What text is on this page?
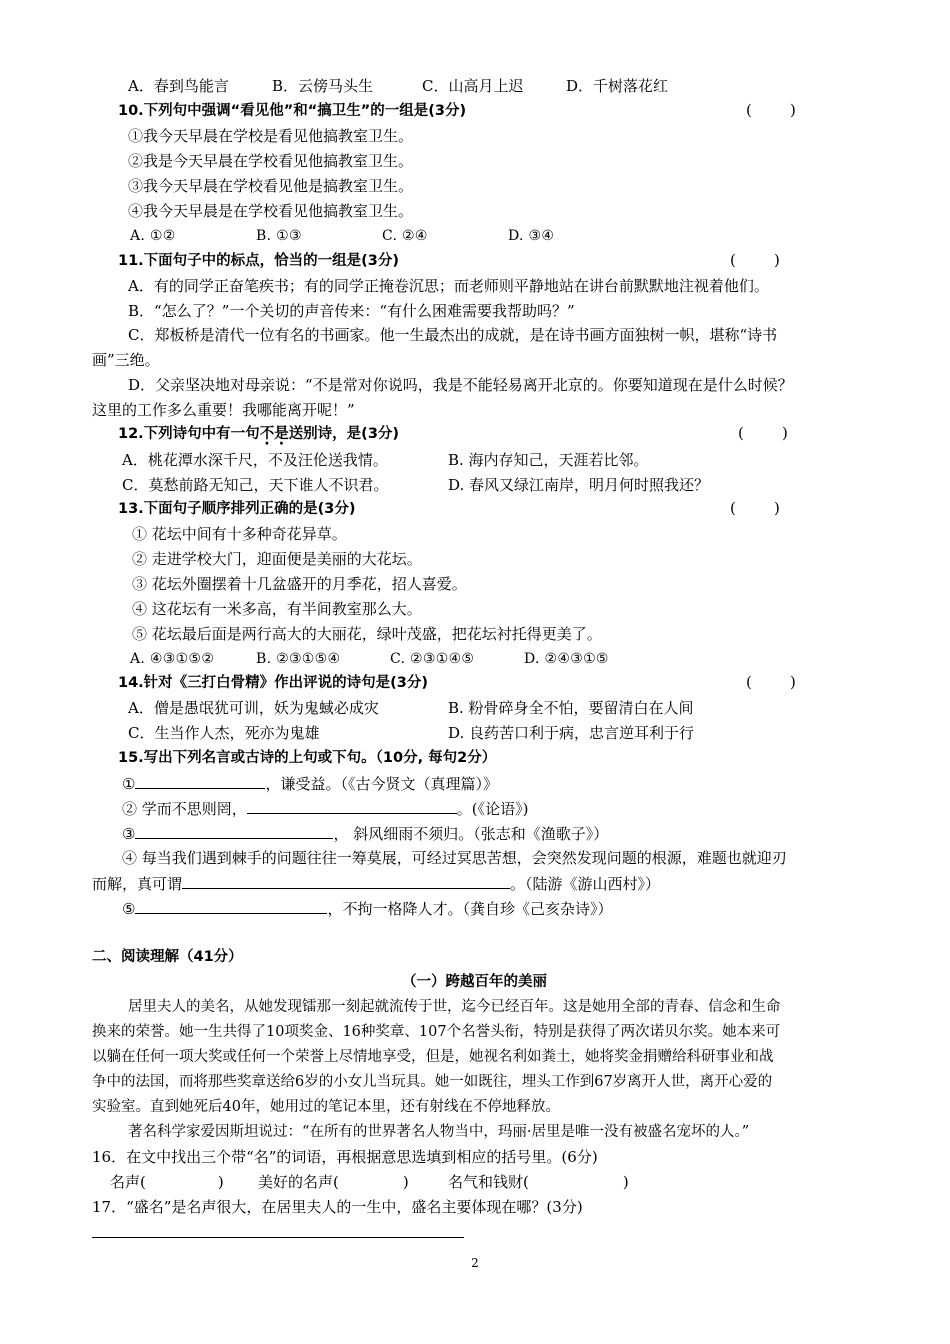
A．春到鸟能言	B．云傍马头生	C．山高月上迟	D．千树落花红
10.下列句中强调“看见他”和“搞卫生”的一组是(3分)	(        )
①我今天早晨在学校是看见他搞教室卫生。
②我是今天早晨在学校看见他搞教室卫生。
③我今天早晨在学校看见他是搞教室卫生。
④我今天早晨是在学校看见他搞教室卫生。
A. ①②	B. ①③	C. ②④	D. ③④
11.下面句子中的标点，恰当的一组是(3分)	(        )
A．有的同学正奋笔疾书；有的同学正掩卷沉思；而老师则平静地站在讲台前默默地注视着他们。
B．“怎么了？”一个关切的声音传来：“有什么困难需要我帮助吗？”
C．郑板桥是清代一位有名的书画家。他一生最杰出的成就，是在诗书画方面独树一帜，堪称“诗书
画”三绝。
D．父亲坚决地对母亲说：“不是常对你说吗，我是不能轻易离开北京的。你要知道现在是什么时候？
这里的工作多么重要！我哪能离开呢！”
12.下列诗句中有一句不是送别诗，是(3分)	(        )
A．桃花潭水深千尺，不及汪伦送我情。	B. 海内存知己，天涯若比邻。
C．莫愁前路无知己，天下谁人不识君。	D. 春风又绿江南岸，明月何时照我还？
13.下面句子顺序排列正确的是(3分)	(        )
① 花坛中间有十多种奇花异草。
② 走进学校大门，迎面便是美丽的大花坛。
③ 花坛外圈摆着十几盆盛开的月季花，招人喜爱。
④ 这花坛有一米多高，有半间教室那么大。
⑤ 花坛最后面是两行高大的大丽花，绿叶茂盛，把花坛衬托得更美了。
A. ④③①⑤②	B. ②③①⑤④	C. ②③①④⑤	D. ②④③①⑤
14.针对《三打白骨精》作出评说的诗句是(3分)	(        )
A．僧是愚氓犹可训，妖为鬼蜮必成灾	B. 粉骨碎身全不怕，要留清白在人间
C．生当作人杰，死亦为鬼雄	D. 良药苦口利于病，忠言逆耳利于行
15.写出下列名言或古诗的上句或下句。（10分, 每句2分）
①	，谦受益。（《古今贤文（真理篇）》
② 学而不思则罔，	。(《论语》)
③	， 斜风细雨不须归。（张志和《渔歌子》）
④ 每当我们遇到棘手的问题往往一筹莫展，可经过冥思苦想，会突然发现问题的根源，难题也就迎刃
而解，真可谓	。（陆游《游山西村》）
⑤	，不拘一格降人才。（龚自珍《己亥杂诗》）
二、阅读理解（41分）
（一）跨越百年的美丽
居里夫人的美名，从她发现镭那一刻起就流传于世，迄今已经百年。这是她用全部的青春、信念和生命
换来的荣誉。她一生共得了10项奖金、16种奖章、107个名誉头衔，特别是获得了两次诺贝尔奖。她本来可
以躺在任何一项大奖或任何一个荣誉上尽情地享受，但是，她视名利如粪土，她将奖金捐赠给科研事业和战
争中的法国，而将那些奖章送给6岁的小女儿当玩具。她一如既往，埋头工作到67岁离开人世，离开心爱的
实验室。直到她死后40年，她用过的笔记本里，还有射线在不停地释放。
著名科学家爱因斯坦说过：“在所有的世界著名人物当中，玛丽·居里是唯一没有被盛名宠坏的人。”
16．在文中找出三个带“名”的词语，再根据意思选填到相应的括号里。(6分)
名声(	) 美好的名声(	)	名气和钱财(	)
17．“盛名”是名声很大，在居里夫人的一生中，盛名主要体现在哪？(3分)
2
